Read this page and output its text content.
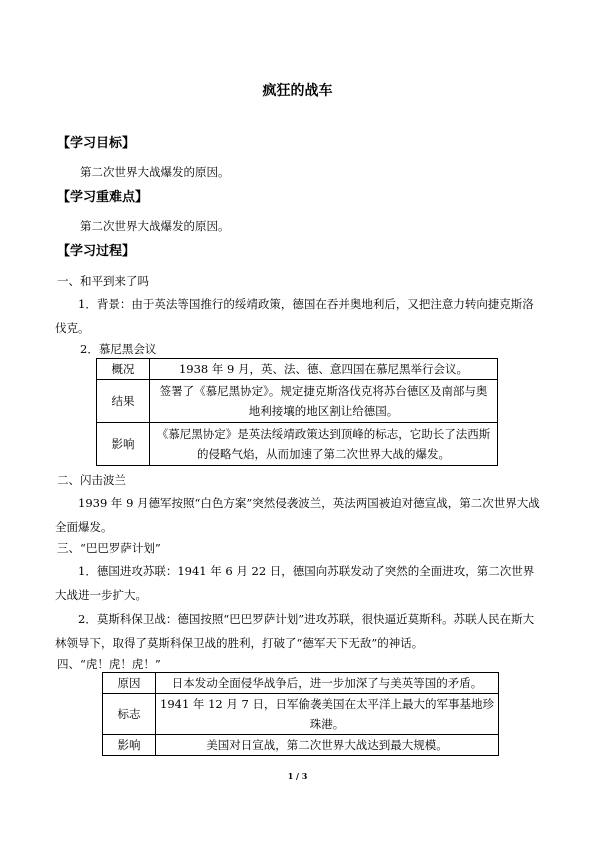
疯狂的战车
【学习目标】
第二次世界大战爆发的原因。
【学习重难点】
第二次世界大战爆发的原因。
【学习过程】
一、和平到来了吗
1．背景：由于英法等国推行的绥靖政策，德国在吞并奥地利后，又把注意力转向捷克斯洛伐克。
2．慕尼黑会议
概况	1938 年 9 月，英、法、德、意四国在慕尼黑举行会议。
结果	签署了《慕尼黑协定》。规定捷克斯洛伐克将苏台德区及南部与奥地利接壤的地区割让给德国。
影响	《慕尼黑协定》是英法绥靖政策达到顶峰的标志，它助长了法西斯的侵略气焰，从而加速了第二次世界大战的爆发。
二、闪击波兰
1939 年 9 月德军按照“白色方案”突然侵袭波兰，英法两国被迫对德宣战，第二次世界大战全面爆发。
三、“巴巴罗萨计划”
1．德国进攻苏联：1941 年 6 月 22 日，德国向苏联发动了突然的全面进攻，第二次世界大战进一步扩大。
2．莫斯科保卫战：德国按照“巴巴罗萨计划”进攻苏联，很快逼近莫斯科。苏联人民在斯大林领导下，取得了莫斯科保卫战的胜利，打破了“德军天下无敌”的神话。
四、“虎！虎！虎！”
原因	日本发动全面侵华战争后，进一步加深了与美英等国的矛盾。
标志	1941 年 12 月 7 日，日军偷袭美国在太平洋上最大的军事基地珍珠港。
影响	美国对日宣战，第二次世界大战达到最大规模。
1 / 3
